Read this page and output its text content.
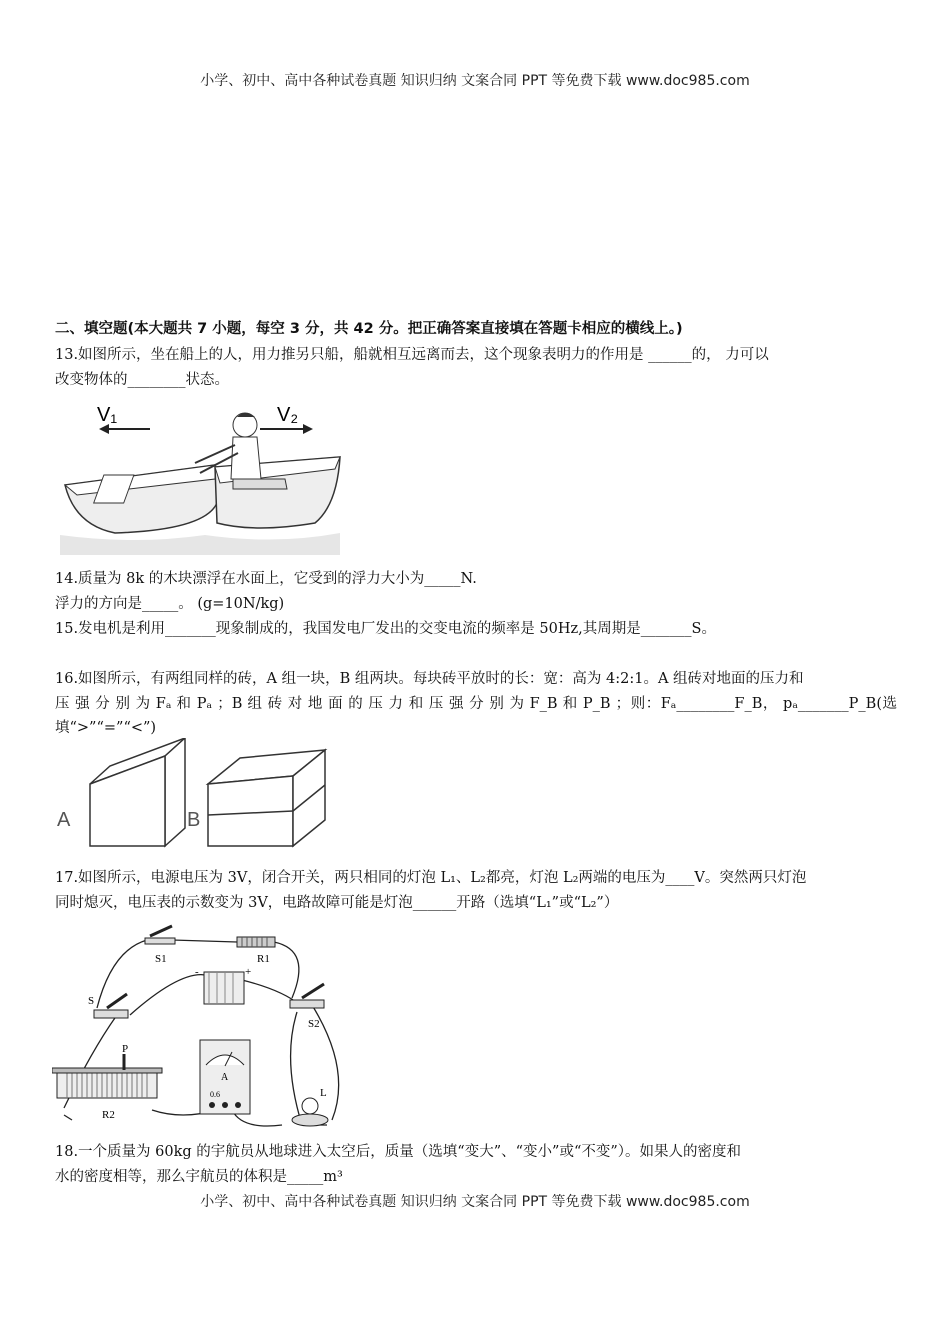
小学、初中、高中各种试卷真题 知识归纳 文案合同 PPT 等免费下载 www.doc985.com
二、填空题(本大题共 7 小题，每空 3 分，共 42 分。把正确答案直接填在答题卡相应的横线上。)
13.如图所示，坐在船上的人，用力推另只船，船就相互远离而去，这个现象表明力的作用是 ______的， 力可以
改变物体的________状态。
V₁	V₂
14.质量为 8k 的木块漂浮在水面上，它受到的浮力大小为_____N.
浮力的方向是_____。 (g=10N/kg)
15.发电机是利用_______现象制成的，我国发电厂发出的交变电流的频率是 50Hz,其周期是_______S。
16.如图所示，有两组同样的砖，A 组一块，B 组两块。每块砖平放时的长：宽：高为 4:2:1。A 组砖对地面的压力和
压 强 分 别 为 Fₐ 和 Pₐ ；B 组 砖 对 地 面 的 压 力 和 压 强 分 别 为 F_B 和 P_B ；则：Fₐ________F_B， pₐ_______P_B(选
填“>”“=”“<”)
A	B
17.如图所示，电源电压为 3V，闭合开关，两只相同的灯泡 L₁、L₂都亮，灯泡 L₂两端的电压为____V。突然两只灯泡
同时熄灭，电压表的示数变为 3V，电路故障可能是灯泡______开路（选填“L₁”或“L₂”）
S1	R1
-	+
S
S2
P
R2
A
0.6	L
18.一个质量为 60kg 的宇航员从地球进入太空后，质量（选填“变大”、“变小”或“不变”）。如果人的密度和
水的密度相等，那么宇航员的体积是_____m³
小学、初中、高中各种试卷真题 知识归纳 文案合同 PPT 等免费下载 www.doc985.com
